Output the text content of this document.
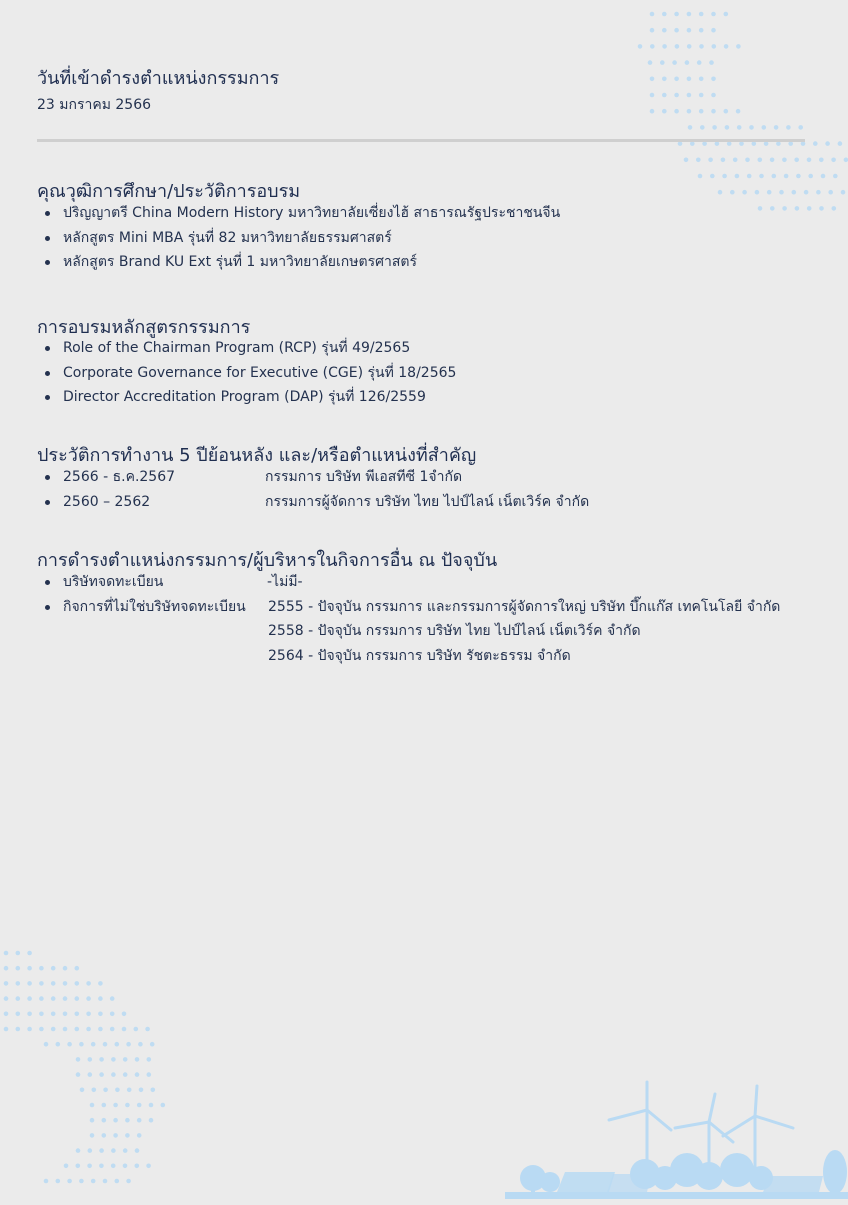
วันที่เข้าดำรงตำแหน่งกรรมการ
23 มกราคม 2566
คุณวุฒิการศึกษา/ประวัติการอบรม
ปริญญาตรี China Modern History มหาวิทยาลัยเซี่ยงไฮ้ สาธารณรัฐประชาชนจีน
หลักสูตร Mini MBA รุ่นที่ 82 มหาวิทยาลัยธรรมศาสตร์
หลักสูตร Brand KU Ext รุ่นที่ 1 มหาวิทยาลัยเกษตรศาสตร์
การอบรมหลักสูตรกรรมการ
Role of the Chairman Program (RCP) รุ่นที่ 49/2565
Corporate Governance for Executive (CGE) รุ่นที่ 18/2565
Director Accreditation Program (DAP) รุ่นที่ 126/2559
ประวัติการทำงาน 5 ปีย้อนหลัง และ/หรือตำแหน่งที่สำคัญ
2566 - ธ.ค.2567	กรรมการ บริษัท พีเอสทีซี 1จำกัด
2560 – 2562	กรรมการผู้จัดการ บริษัท ไทย ไปป์ไลน์ เน็ตเวิร์ค จำกัด
การดำรงตำแหน่งกรรมการ/ผู้บริหารในกิจการอื่น ณ ปัจจุบัน
บริษัทจดทะเบียน	-ไม่มี-
กิจการที่ไม่ใช่บริษัทจดทะเบียน 2555 - ปัจจุบัน กรรมการ และกรรมการผู้จัดการใหญ่ บริษัท บึ๊กแก๊ส เทคโนโลยี จำกัด
2558 - ปัจจุบัน กรรมการ บริษัท ไทย ไปป์ไลน์ เน็ตเวิร์ค จำกัด

2564 - ปัจจุบัน กรรมการ บริษัท รัชตะธรรม จำกัด
